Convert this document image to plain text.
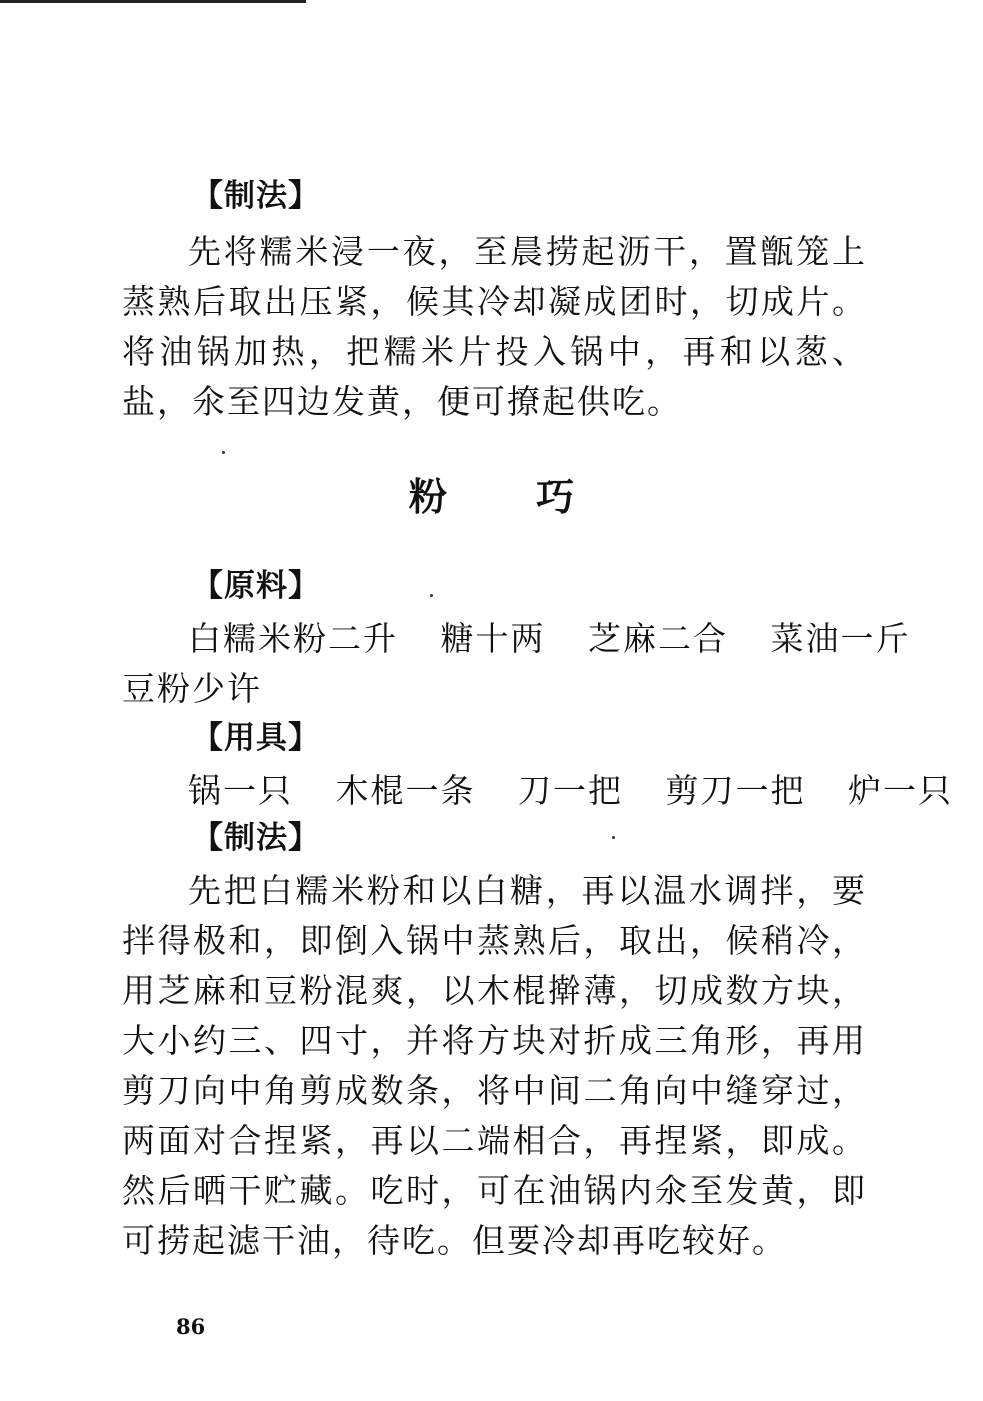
【制法】
先将糯米浸一夜，至晨捞起沥干，置甑笼上蒸熟后取出压紧，候其冷却凝成团时，切成片。将油锅加热，把糯米片投入锅中，再和以葱、盐，氽至四边发黄，便可撩起供吃。
粉 巧
【原料】
白糯米粉二升 糖十两 芝麻二合 菜油一斤
豆粉少许
【用具】
锅一只 木棍一条 刀一把 剪刀一把 炉一只
【制法】
先把白糯米粉和以白糖，再以温水调拌，要拌得极和，即倒入锅中蒸熟后，取出，候稍冷，用芝麻和豆粉混爽，以木棍擀薄，切成数方块，大小约三、四寸，并将方块对折成三角形，再用剪刀向中角剪成数条，将中间二角向中缝穿过，两面对合捏紧，再以二端相合，再捏紧，即成。然后晒干贮藏。吃时，可在油锅内氽至发黄，即可捞起滤干油，待吃。但要冷却再吃较好。
86
